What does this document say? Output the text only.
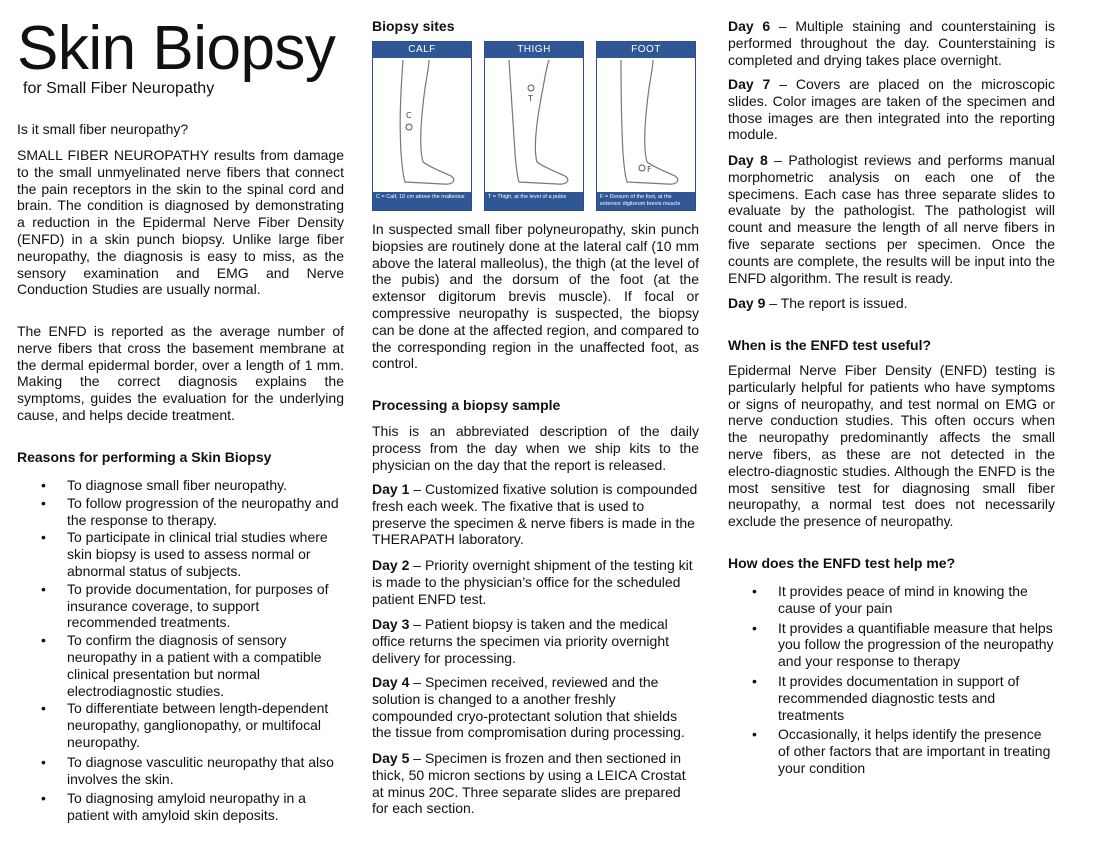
Skin Biopsy
for Small Fiber Neuropathy

Is it small fiber neuropathy?

SMALL FIBER NEUROPATHY results from damage to the small unmyelinated nerve fibers that connect the pain receptors in the skin to the spinal cord and brain. The condition is diagnosed by demonstrating a reduction in the Epidermal Nerve Fiber Density (ENFD) in a skin punch biopsy. Unlike large fiber neuropathy, the diagnosis is easy to miss, as the sensory examination and EMG and Nerve Conduction Studies are usually normal.

The ENFD is reported as the average number of nerve fibers that cross the basement membrane at the dermal epidermal border, over a length of 1 mm. Making the correct diagnosis explains the symptoms, guides the evaluation for the underlying cause, and helps decide treatment.

Reasons for performing a Skin Biopsy
• To diagnose small fiber neuropathy.
• To follow progression of the neuropathy and the response to therapy.
• To participate in clinical trial studies where skin biopsy is used to assess normal or abnormal status of subjects.
• To provide documentation, for purposes of insurance coverage, to support recommended treatments.
• To confirm the diagnosis of sensory neuropathy in a patient with a compatible clinical presentation but normal electrodiagnostic studies.
• To differentiate between length-dependent neuropathy, ganglionopathy, or multifocal neuropathy.
• To diagnose vasculitic neuropathy that also involves the skin.
• To diagnosing amyloid neuropathy in a patient with amyloid skin deposits.
Biopsy sites
CALF
C
C = Calf, 10 cm above the malleolus
THIGH
T
T = Thigh, at the level of a pubis
FOOT
F
F = Dorsum of the foot, at the extensor digitorum brevis muscle

In suspected small fiber polyneuropathy, skin punch biopsies are routinely done at the lateral calf (10 mm above the lateral malleolus), the thigh (at the level of the pubis) and the dorsum of the foot (at the extensor digitorum brevis muscle). If focal or compressive neuropathy is suspected, the biopsy can be done at the affected region, and compared to the corresponding region in the unaffected foot, as control.

Processing a biopsy sample

This is an abbreviated description of the daily process from the day when we ship kits to the physician on the day that the report is released.

Day 1 – Customized fixative solution is compounded fresh each week. The fixative that is used to preserve the specimen & nerve fibers is made in the THERAPATH laboratory.

Day 2 – Priority overnight shipment of the testing kit is made to the physician’s office for the scheduled patient ENFD test.

Day 3 – Patient biopsy is taken and the medical office returns the specimen via priority overnight delivery for processing.

Day 4 – Specimen received, reviewed and the solution is changed to a another freshly compounded cryo-protectant solution that shields the tissue from compromisation during processing.

Day 5 – Specimen is frozen and then sectioned in thick, 50 micron sections by using a LEICA Crostat at minus 20C. Three separate slides are prepared for each section.

Day 6 – Multiple staining and counterstaining is performed throughout the day. Counterstaining is completed and drying takes place overnight.

Day 7 – Covers are placed on the microscopic slides. Color images are taken of the specimen and those images are then integrated into the reporting module.

Day 8 – Pathologist reviews and performs manual morphometric analysis on each one of the specimens. Each case has three separate slides to evaluate by the pathologist. The pathologist will count and measure the length of all nerve fibers in five separate sections per specimen. Once the counts are complete, the results will be input into the ENFD algorithm. The result is ready.

Day 9 – The report is issued.

When is the ENFD test useful?

Epidermal Nerve Fiber Density (ENFD) testing is particularly helpful for patients who have symptoms or signs of neuropathy, and test normal on EMG or nerve conduction studies. This often occurs when the neuropathy predominantly affects the small nerve fibers, as these are not detected in the electro-diagnostic studies. Although the ENFD is the most sensitive test for diagnosing small fiber neuropathy, a normal test does not necessarily exclude the presence of neuropathy.

How does the ENFD test help me?
• It provides peace of mind in knowing the cause of your pain
• It provides a quantifiable measure that helps you follow the progression of the neuropathy and your response to therapy
• It provides documentation in support of recommended diagnostic tests and treatments
• Occasionally, it helps identify the presence of other factors that are important in treating your condition
